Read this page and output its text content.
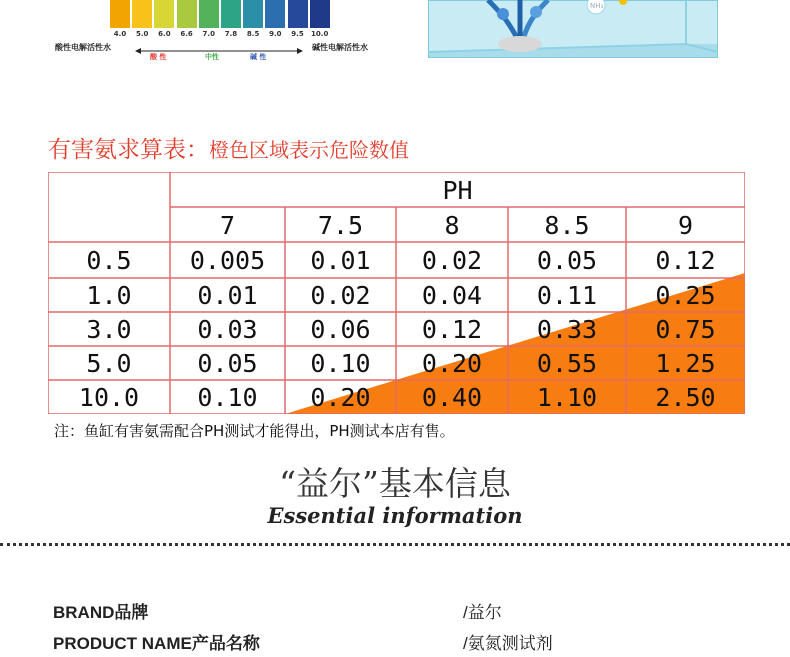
4.0 5.0 6.0 6.6 7.0 7.8 8.5 9.0 9.5 10.0
酸性电解活性水	碱性电解活性水
酸 性	中性	碱 性
NH₃
有害氨求算表：橙色区域表示危险数值
PH
7	7.5	8	8.5	9
0.5	0.005	0.01	0.02	0.05	0.12
1.0	0.01	0.02	0.04	0.11	0.25
3.0	0.03	0.06	0.12	0.33	0.75
5.0	0.05	0.10	0.20	0.55	1.25
10.0	0.10	0.20	0.40	1.10	2.50
注：鱼缸有害氨需配合PH测试才能得出，PH测试本店有售。
“益尔”基本信息
Essential information
BRAND品牌	/益尔
PRODUCT NAME产品名称	/氨氮测试剂
